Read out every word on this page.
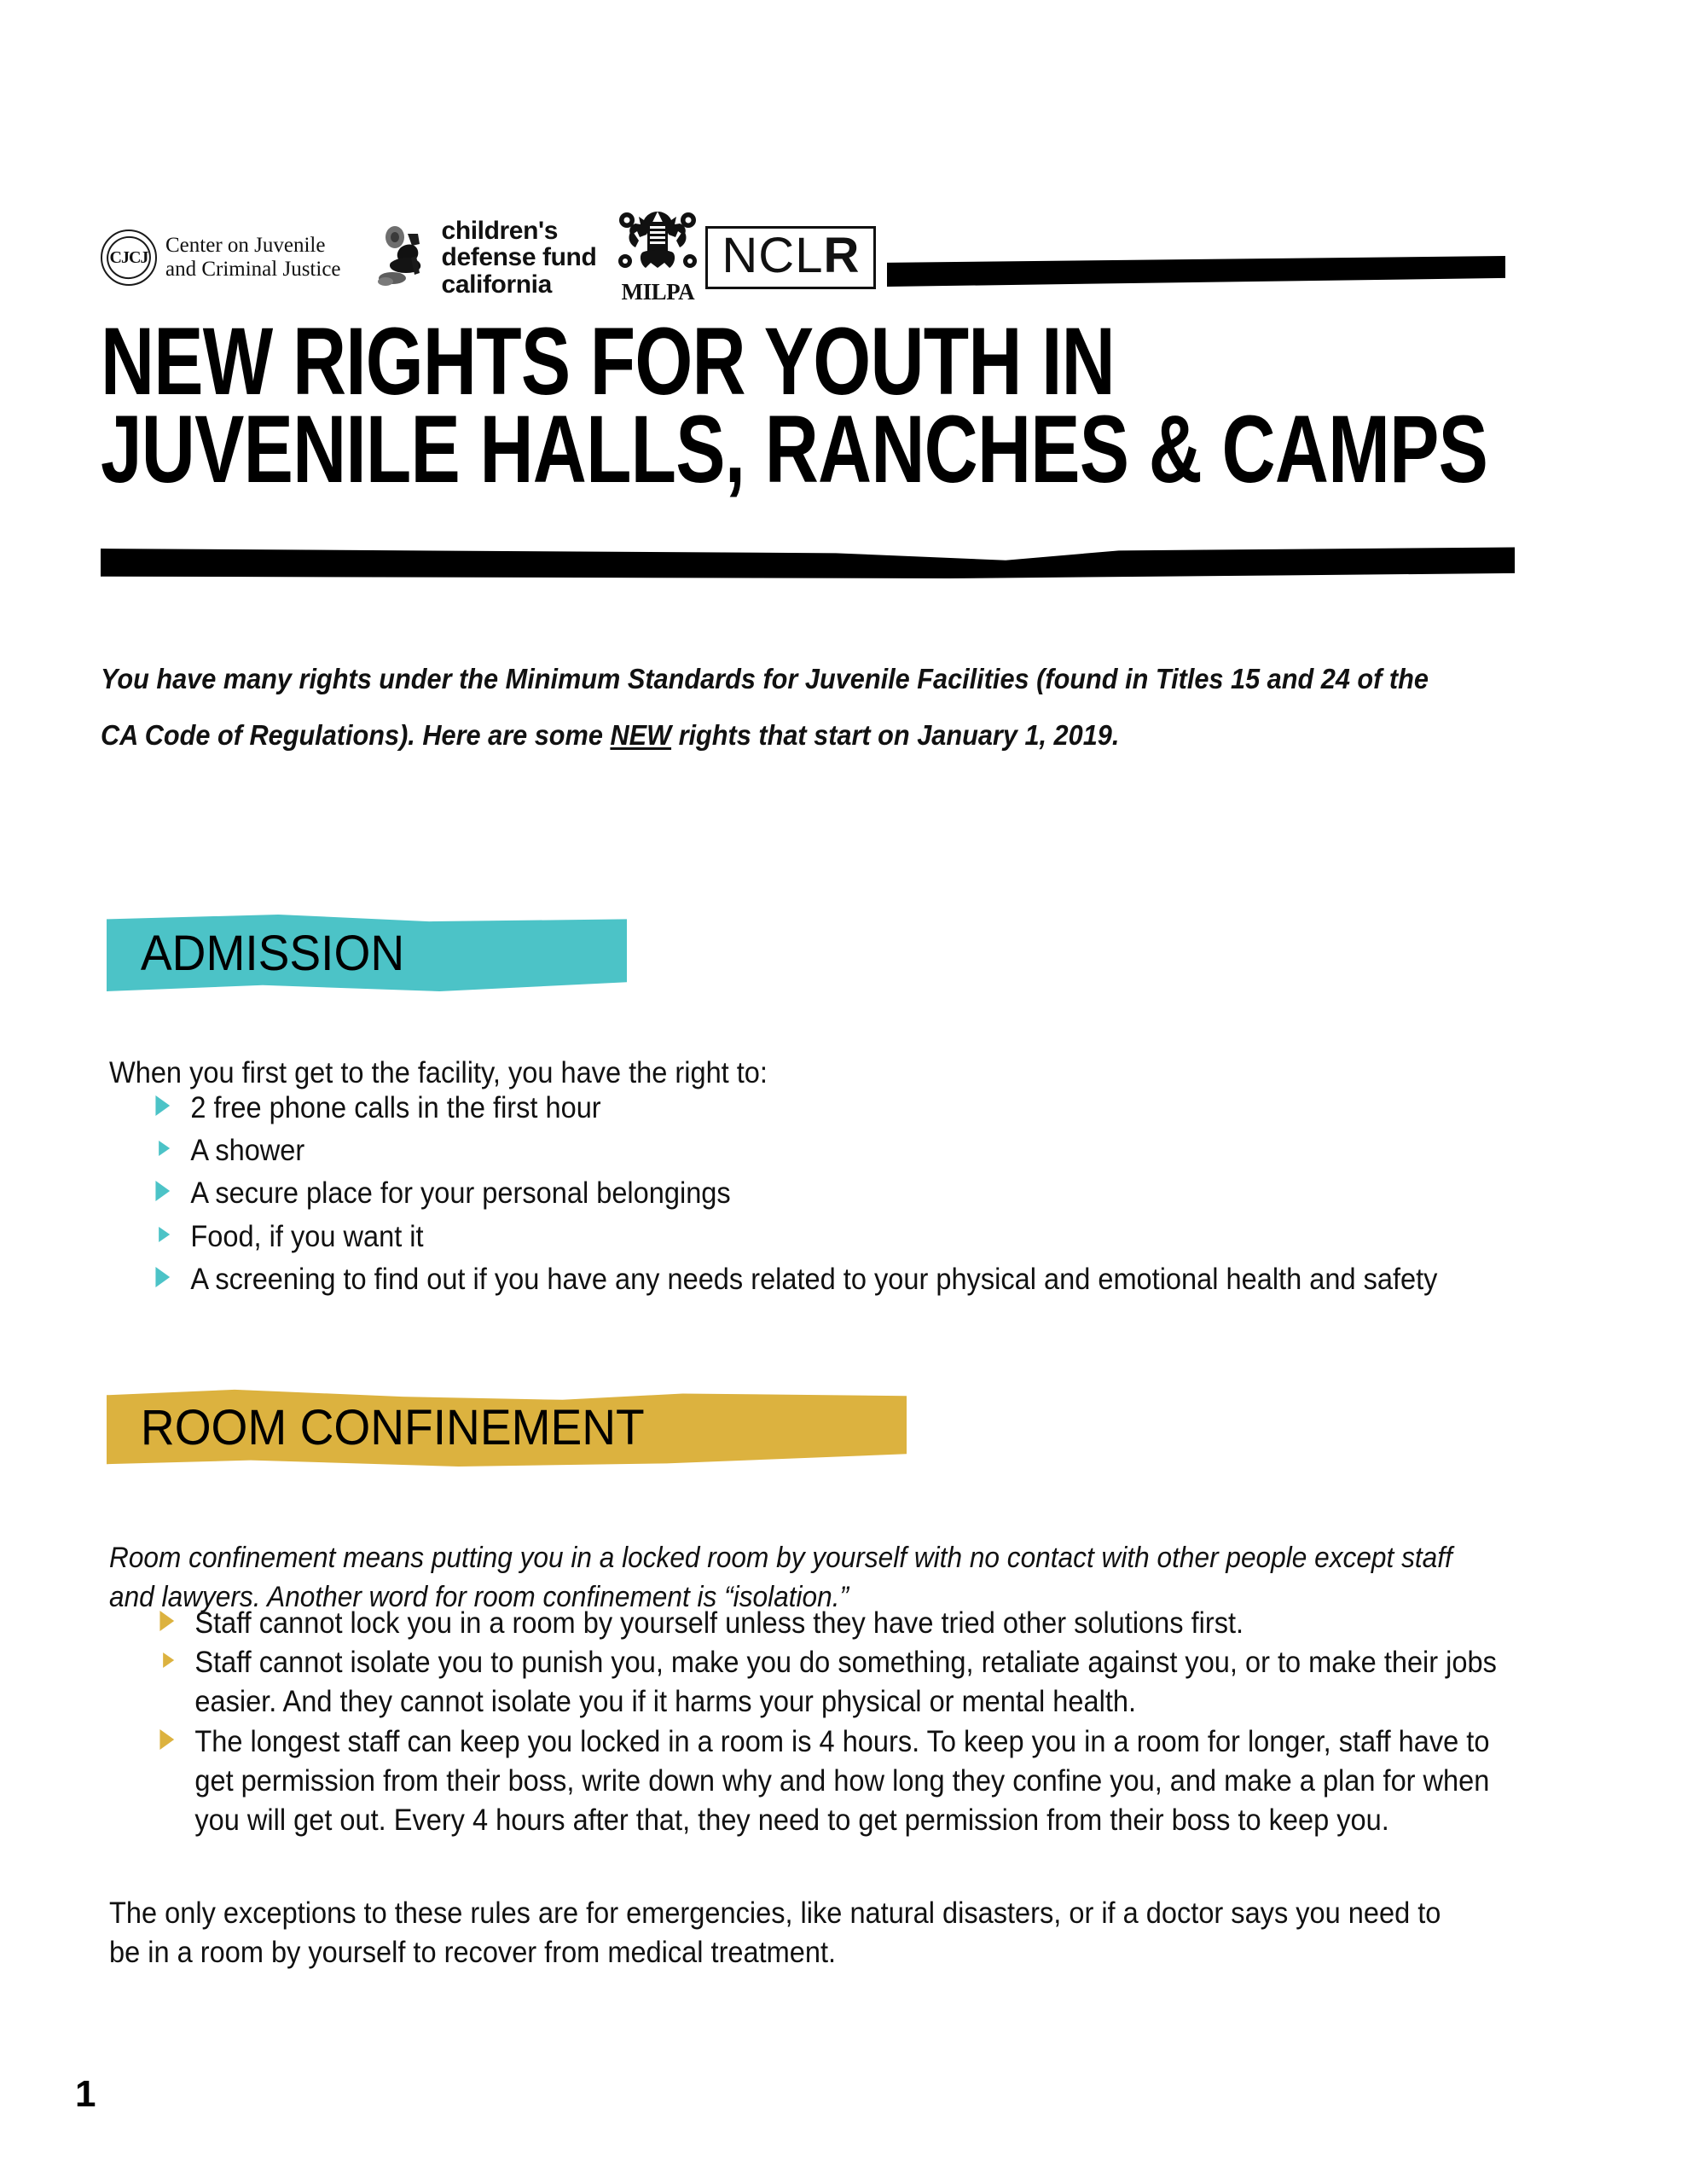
CJCJ
Center on Juvenile
and Criminal Justice
children's
defense fund
california	MILPA
NCL R
NEW RIGHTS FOR YOUTH IN
JUVENILE HALLS, RANCHES & CAMPS

You have many rights under the Minimum Standards for Juvenile Facilities (found in Titles 15 and 24 of the CA Code of Regulations). Here are some NEW rights that start on January 1, 2019.

ADMISSION

When you first get to the facility, you have the right to:

2 free phone calls in the first hour
A shower
A secure place for your personal belongings
Food, if you want it
A screening to find out if you have any needs related to your physical and emotional health and safety
ROOM CONFINEMENT

Room confinement means putting you in a locked room by yourself with no contact with other people except staff and lawyers. Another word for room confinement is “isolation.”

Staff cannot lock you in a room by yourself unless they have tried other solutions first.
Staff cannot isolate you to punish you, make you do something, retaliate against you, or to make their jobs easier. And they cannot isolate you if it harms your physical or mental health.
The longest staff can keep you locked in a room is 4 hours. To keep you in a room for longer, staff have to get permission from their boss, write down why and how long they confine you, and make a plan for when you will get out. Every 4 hours after that, they need to get permission from their boss to keep you.

The only exceptions to these rules are for emergencies, like natural disasters, or if a doctor says you need to be in a room by yourself to recover from medical treatment.

1
